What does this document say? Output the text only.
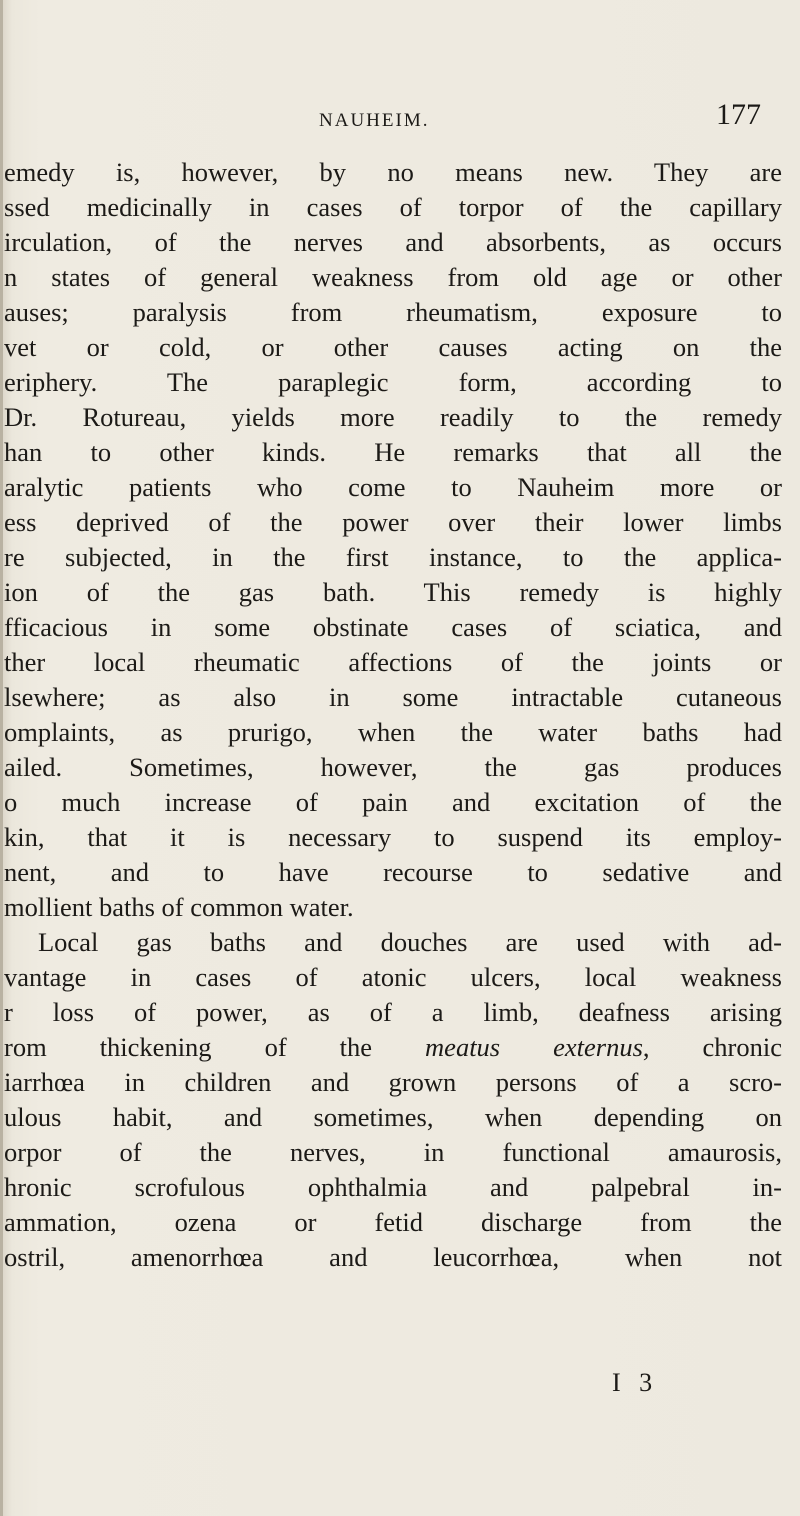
NAUHEIM.	177
emedy is, however, by no means new. They are
ssed medicinally in cases of torpor of the capillary
irculation, of the nerves and absorbents, as occurs
n states of general weakness from old age or other
auses; paralysis from rheumatism, exposure to
vet or cold, or other causes acting on the
eriphery. The paraplegic form, according to
Dr. Rotureau, yields more readily to the remedy
han to other kinds. He remarks that all the
aralytic patients who come to Nauheim more or
ess deprived of the power over their lower limbs
re subjected, in the first instance, to the applica-
ion of the gas bath. This remedy is highly
fficacious in some obstinate cases of sciatica, and
ther local rheumatic affections of the joints or
lsewhere; as also in some intractable cutaneous
omplaints, as prurigo, when the water baths had
ailed. Sometimes, however, the gas produces
o much increase of pain and excitation of the
kin, that it is necessary to suspend its employ-
nent, and to have recourse to sedative and
mollient baths of common water.
Local gas baths and douches are used with ad-
vantage in cases of atonic ulcers, local weakness
r loss of power, as of a limb, deafness arising
rom thickening of the meatus externus, chronic
iarrhœa in children and grown persons of a scro-
ulous habit, and sometimes, when depending on
orpor of the nerves, in functional amaurosis,
hronic scrofulous ophthalmia and palpebral in-
ammation, ozena or fetid discharge from the
ostril, amenorrhœa and leucorrhœa, when not
I 3
